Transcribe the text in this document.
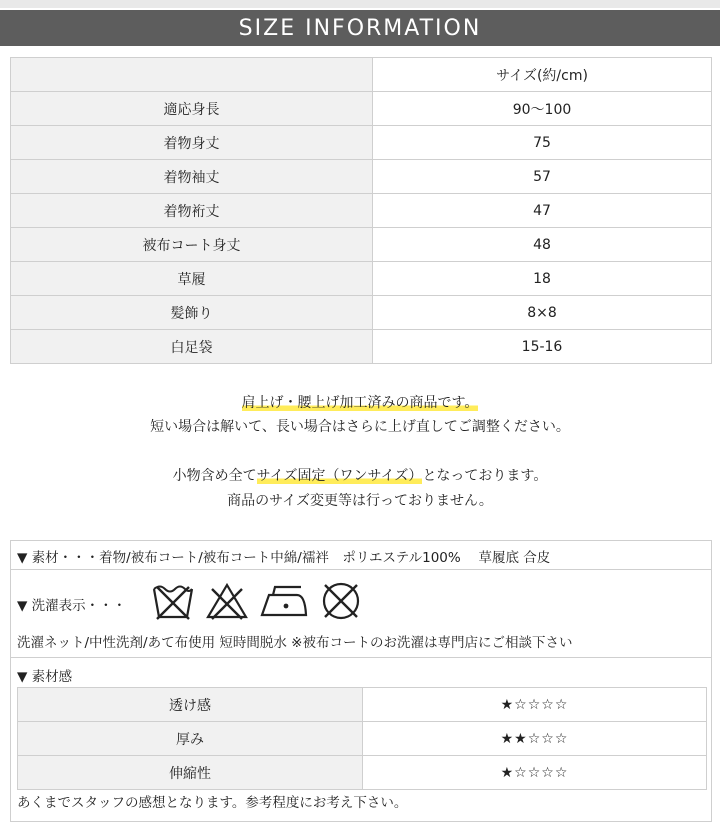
SIZE INFORMATION
	サイズ(約/cm)
適応身長	90〜100
着物身丈	75
着物袖丈	57
着物裄丈	47
被布コート身丈	48
草履	18
髪飾り	8×8
白足袋	15-16
肩上げ・腰上げ加工済みの商品です。
短い場合は解いて、長い場合はさらに上げ直してご調整ください。
小物含め全てサイズ固定（ワンサイズ）となっております。
商品のサイズ変更等は行っておりません。
▼ 素材・・・着物/被布コート/被布コート中綿/襦袢　ポリエステル100%　 草履底 合皮
▼ 洗濯表示・・・
洗濯ネット/中性洗剤/あて布使用 短時間脱水 ※被布コートのお洗濯は専門店にご相談下さい
▼ 素材感
透け感	★☆☆☆☆
厚み	★★☆☆☆
伸縮性	★☆☆☆☆
あくまでスタッフの感想となります。参考程度にお考え下さい。
